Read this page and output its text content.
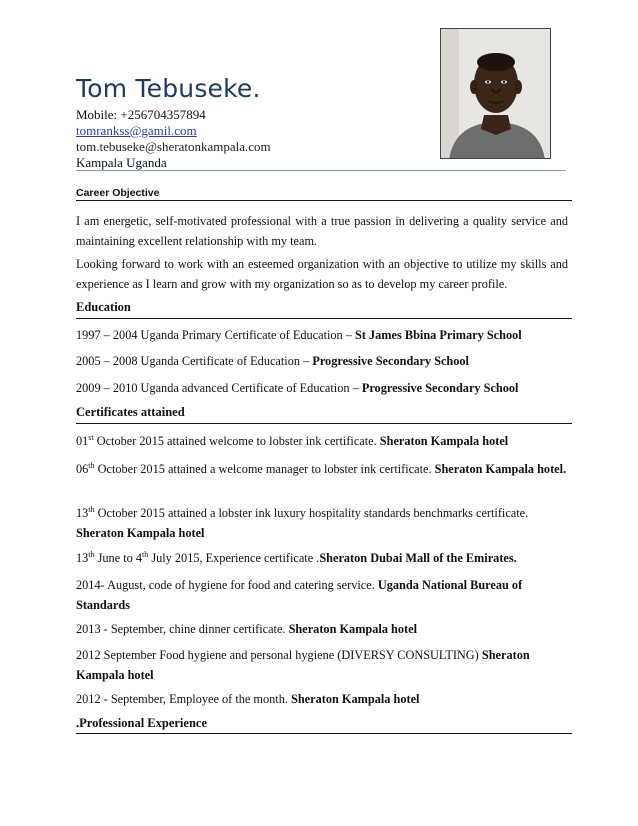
Tom Tebuseke.
Mobile: +256704357894
tomrankss@gamil.com
tom.tebuseke@sheratonkampala.com
Kampala Uganda
Career Objective

I am energetic, self-motivated professional with a true passion in delivering a quality service and maintaining excellent relationship with my team.

Looking forward to work with an esteemed organization with an objective to utilize my skills and experience as I learn and grow with my organization so as to develop my career profile.

Education
1997 – 2004 Uganda Primary Certificate of Education – St James Bbina Primary School
2005 – 2008 Uganda Certificate of Education – Progressive Secondary School
2009 – 2010 Uganda advanced Certificate of Education – Progressive Secondary School
Certificates attained
01st October 2015 attained welcome to lobster ink certificate. Sheraton Kampala hotel

06th October 2015 attained a welcome manager to lobster ink certificate. Sheraton Kampala hotel.

13th October 2015 attained a lobster ink luxury hospitality standards benchmarks certificate. Sheraton Kampala hotel

13th June to 4th July 2015, Experience certificate .Sheraton Dubai Mall of the Emirates.

2014- August, code of hygiene for food and catering service. Uganda National Bureau of Standards

2013 - September, chine dinner certificate. Sheraton Kampala hotel

2012 September Food hygiene and personal hygiene (DIVERSY CONSULTING) Sheraton Kampala hotel

2012 - September, Employee of the month. Sheraton Kampala hotel
.Professional Experience
